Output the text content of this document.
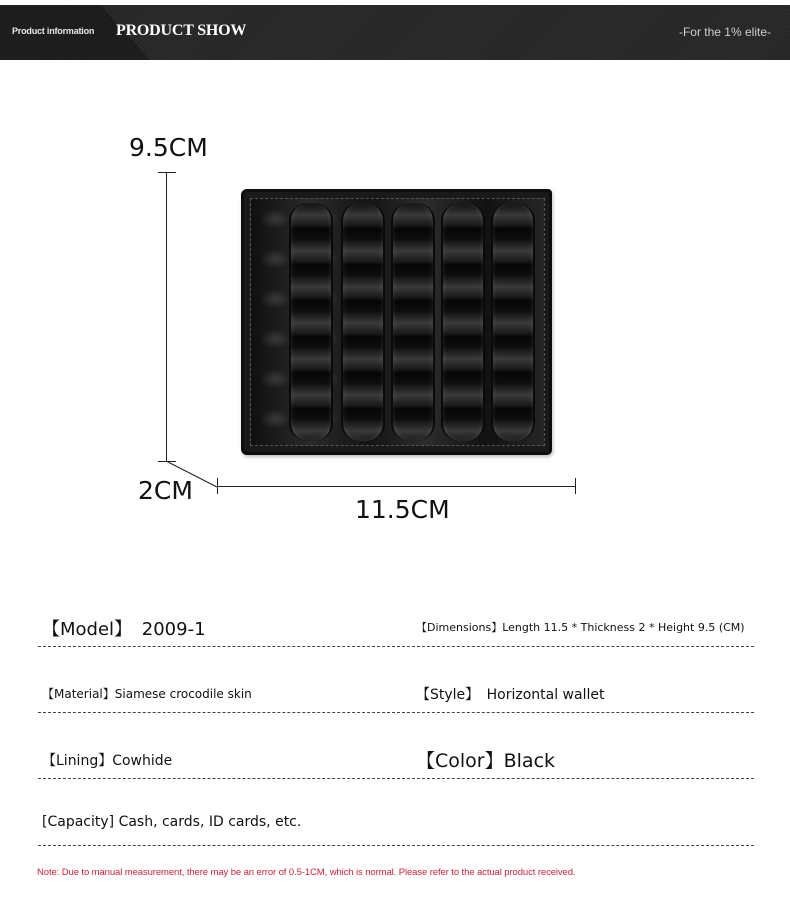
Product information PRODUCT SHOW	-For the 1% elite-
9.5CM
2CM
11.5CM
【Model】 2009-1	【Dimensions】Length 11.5 * Thickness 2 * Height 9.5 (CM)
【Material】Siamese crocodile skin	【Style】 Horizontal wallet
【Lining】Cowhide	【Color】Black
[Capacity] Cash, cards, ID cards, etc.
Note: Due to manual measurement, there may be an error of 0.5-1CM, which is normal. Please refer to the actual product received.
